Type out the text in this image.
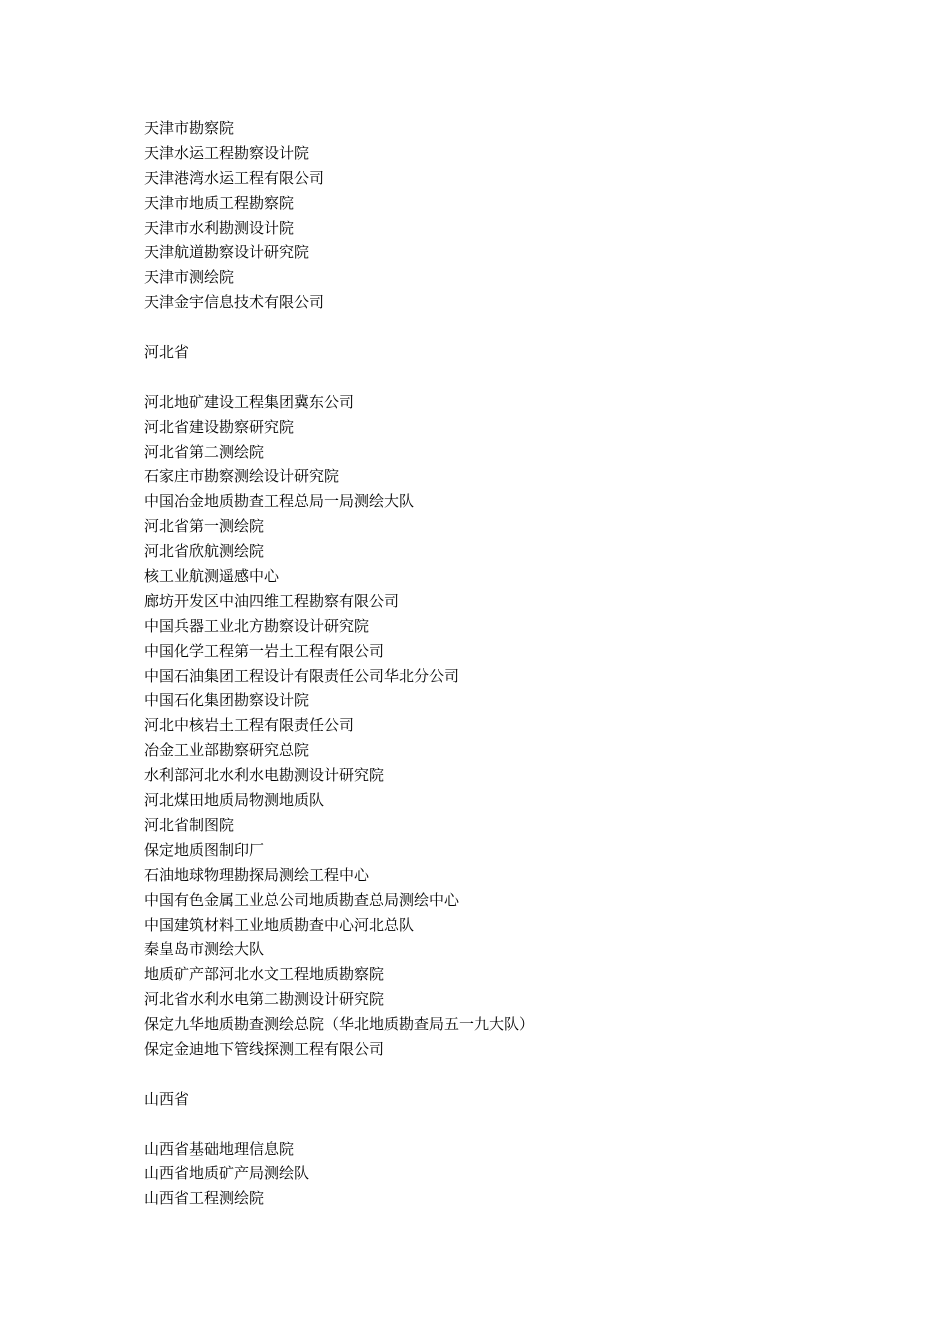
天津市勘察院
天津水运工程勘察设计院
天津港湾水运工程有限公司
天津市地质工程勘察院
天津市水利勘测设计院
天津航道勘察设计研究院
天津市测绘院
天津金宇信息技术有限公司
河北省
河北地矿建设工程集团冀东公司
河北省建设勘察研究院
河北省第二测绘院
石家庄市勘察测绘设计研究院
中国冶金地质勘查工程总局一局测绘大队
河北省第一测绘院
河北省欣航测绘院
核工业航测遥感中心
廊坊开发区中油四维工程勘察有限公司
中国兵器工业北方勘察设计研究院
中国化学工程第一岩土工程有限公司
中国石油集团工程设计有限责任公司华北分公司
中国石化集团勘察设计院
河北中核岩土工程有限责任公司
冶金工业部勘察研究总院
水利部河北水利水电勘测设计研究院
河北煤田地质局物测地质队
河北省制图院
保定地质图制印厂
石油地球物理勘探局测绘工程中心
中国有色金属工业总公司地质勘查总局测绘中心
中国建筑材料工业地质勘查中心河北总队
秦皇岛市测绘大队
地质矿产部河北水文工程地质勘察院
河北省水利水电第二勘测设计研究院
保定九华地质勘查测绘总院（华北地质勘查局五一九大队）
保定金迪地下管线探测工程有限公司
山西省
山西省基础地理信息院
山西省地质矿产局测绘队
山西省工程测绘院
